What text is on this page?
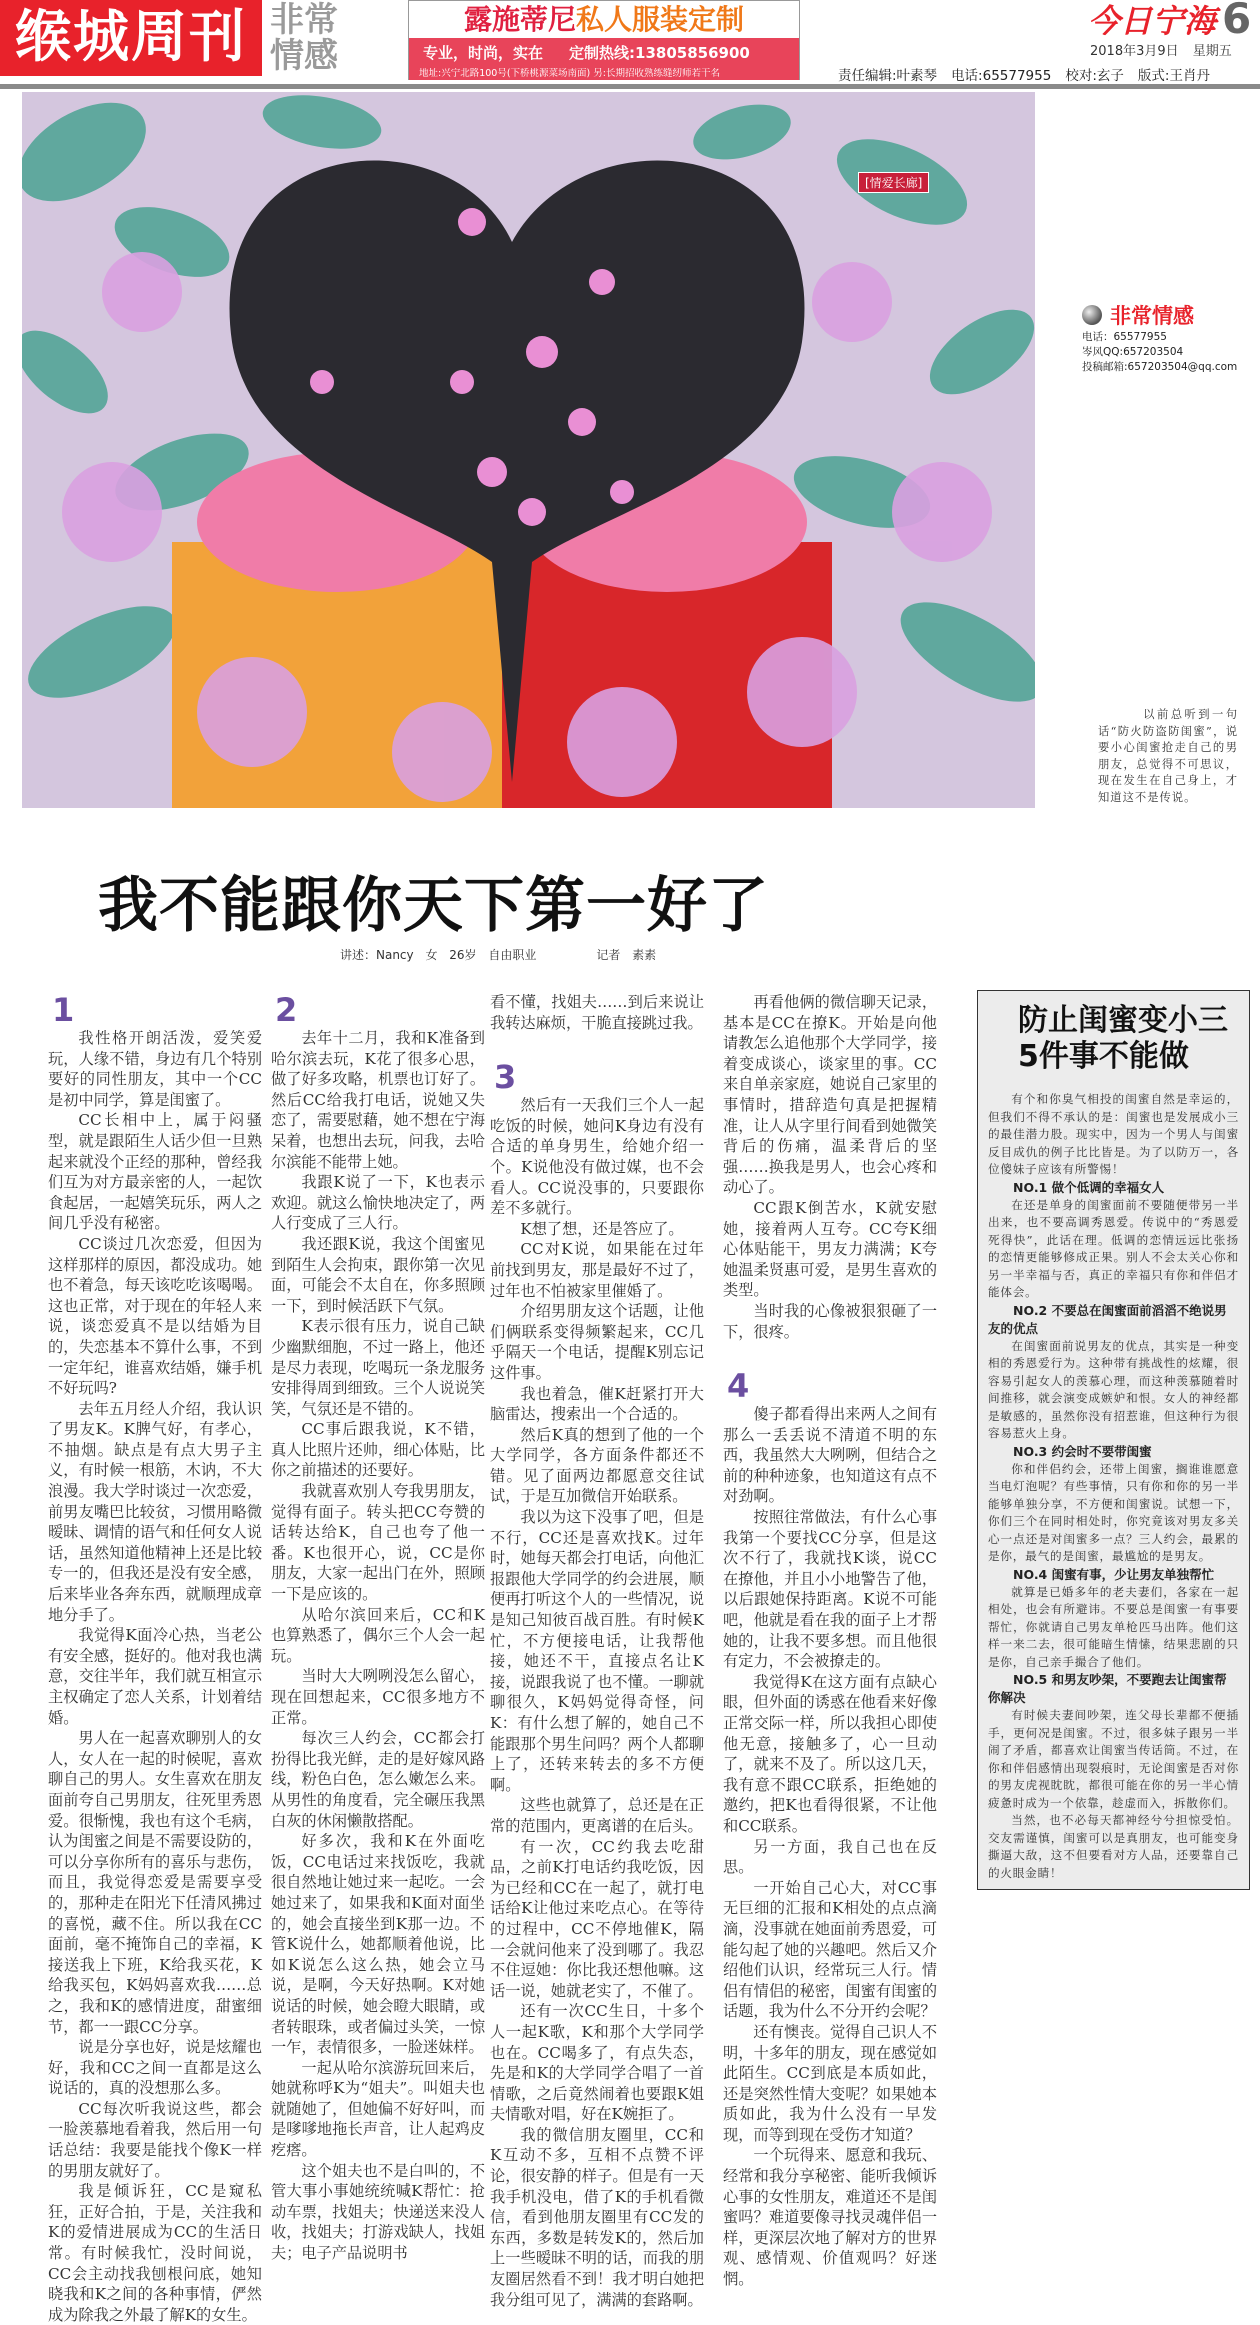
缑城周刊 非常
情感
露施蒂尼私人服装定制
专业，时尚，实在 定制热线:13805856900
地址:兴宁北路100号(下桥桃源菜场南面) 另:长期招收熟练缝纫师若干名
今日宁海 6
2018年3月9日 星期五
责任编辑:叶素琴 电话:65577955 校对:玄子 版式:王肖丹
[情爱长廊]
非常情感
电话：65577955
岑风QQ:657203504
投稿邮箱:657203504@qq.com
以前总听到一句话“防火防盗防闺蜜”，说要小心闺蜜抢走自己的男朋友，总觉得不可思议，现在发生在自己身上，才知道这不是传说。
我不能跟你天下第一好了
讲述：Nancy 女 26岁 自由职业	记者 素素
1

我性格开朗活泼，爱笑爱玩，人缘不错，身边有几个特别要好的同性朋友，其中一个CC是初中同学，算是闺蜜了。

CC长相中上，属于闷骚型，就是跟陌生人话少但一旦熟起来就没个正经的那种，曾经我们互为对方最亲密的人，一起饮食起居，一起嬉笑玩乐，两人之间几乎没有秘密。

CC谈过几次恋爱，但因为这样那样的原因，都没成功。她也不着急，每天该吃吃该喝喝。这也正常，对于现在的年轻人来说，谈恋爱真不是以结婚为目的，失恋基本不算什么事，不到一定年纪，谁喜欢结婚，嫌手机不好玩吗?

去年五月经人介绍，我认识了男友K。K脾气好，有孝心，不抽烟。缺点是有点大男子主义，有时候一根筋，木讷，不大浪漫。我大学时谈过一次恋爱，前男友嘴巴比较贫，习惯用略微暧昧、调情的语气和任何女人说话，虽然知道他精神上还是比较专一的，但我还是没有安全感，后来毕业各奔东西，就顺理成章地分手了。

我觉得K面冷心热，当老公有安全感，挺好的。他对我也满意，交往半年，我们就互相宣示主权确定了恋人关系，计划着结婚。

男人在一起喜欢聊别人的女人，女人在一起的时候呢，喜欢聊自己的男人。女生喜欢在朋友面前夸自己男朋友，往死里秀恩爱。很惭愧，我也有这个毛病，认为闺蜜之间是不需要设防的，可以分享你所有的喜乐与悲伤，而且，我觉得恋爱是需要享受的，那种走在阳光下任清风拂过的喜悦，藏不住。所以我在CC面前，毫不掩饰自己的幸福，K接送我上下班，K给我买花，K给我买包，K妈妈喜欢我……总之，我和K的感情进度，甜蜜细节，都一一跟CC分享。

说是分享也好，说是炫耀也好，我和CC之间一直都是这么说话的，真的没想那么多。

CC每次听我说这些，都会一脸羡慕地看着我，然后用一句话总结：我要是能找个像K一样的男朋友就好了。

我是倾诉狂，CC是窥私狂，正好合拍，于是，关注我和K的爱情进展成为CC的生活日常。有时候我忙，没时间说，CC会主动找我刨根问底，她知晓我和K之间的各种事情，俨然成为除我之外最了解K的女生。

2

去年十二月，我和K准备到哈尔滨去玩，K花了很多心思，做了好多攻略，机票也订好了。然后CC给我打电话，说她又失恋了，需要慰藉，她不想在宁海呆着，也想出去玩，问我，去哈尔滨能不能带上她。

我跟K说了一下，K也表示欢迎。就这么愉快地决定了，两人行变成了三人行。

我还跟K说，我这个闺蜜见到陌生人会拘束，跟你第一次见面，可能会不太自在，你多照顾一下，到时候活跃下气氛。

K表示很有压力，说自己缺少幽默细胞，不过一路上，他还是尽力表现，吃喝玩一条龙服务安排得周到细致。三个人说说笑笑，气氛还是不错的。

CC事后跟我说，K不错，真人比照片还帅，细心体贴，比你之前描述的还要好。

我就喜欢别人夸我男朋友，觉得有面子。转头把CC夸赞的话转达给K，自己也夸了他一番。K也很开心，说，CC是你朋友，大家一起出门在外，照顾一下是应该的。

从哈尔滨回来后，CC和K也算熟悉了，偶尔三个人会一起玩。

当时大大咧咧没怎么留心，现在回想起来，CC很多地方不正常。

每次三人约会，CC都会打扮得比我光鲜，走的是好嫁风路线，粉色白色，怎么嫩怎么来。从男性的角度看，完全碾压我黑白灰的休闲懒散搭配。

好多次，我和K在外面吃饭，CC电话过来找饭吃，我就很自然地让她过来一起吃。一会她过来了，如果我和K面对面坐的，她会直接坐到K那一边。不管K说什么，她都顺着他说，比如K说怎么这么热，她会立马说，是啊，今天好热啊。K对她说话的时候，她会瞪大眼睛，或者转眼珠，或者偏过头笑，一惊一乍，表情很多，一脸迷妹样。

一起从哈尔滨游玩回来后，她就称呼K为“姐夫”。叫姐夫也就随她了，但她偏不好好叫，而是嗲嗲地拖长声音，让人起鸡皮疙瘩。

这个姐夫也不是白叫的，不管大事小事她统统喊K帮忙：抢动车票，找姐夫；快递送来没人收，找姐夫；打游戏缺人，找姐夫；电子产品说明书

看不懂，找姐夫……到后来说让我转达麻烦，干脆直接跳过我。

3

然后有一天我们三个人一起吃饭的时候，她问K身边有没有合适的单身男生，给她介绍一个。K说他没有做过媒，也不会看人。CC说没事的，只要跟你差不多就行。

K想了想，还是答应了。

CC对K说，如果能在过年前找到男友，那是最好不过了，过年也不怕被家里催婚了。

介绍男朋友这个话题，让他们俩联系变得频繁起来，CC几乎隔天一个电话，提醒K别忘记这件事。

我也着急，催K赶紧打开大脑雷达，搜索出一个合适的。

然后K真的想到了他的一个大学同学，各方面条件都还不错。见了面两边都愿意交往试试，于是互加微信开始联系。

我以为这下没事了吧，但是不行，CC还是喜欢找K。过年时，她每天都会打电话，向他汇报跟他大学同学的约会进展，顺便再打听这个人的一些情况，说是知己知彼百战百胜。有时候K忙，不方便接电话，让我帮他接，她还不干，直接点名让K接，说跟我说了也不懂。一聊就聊很久，K妈妈觉得奇怪，问K：有什么想了解的，她自己不能跟那个男生问吗？两个人都聊上了，还转来转去的多不方便啊。

这些也就算了，总还是在正常的范围内，更离谱的在后头。

有一次，CC约我去吃甜品，之前K打电话约我吃饭，因为已经和CC在一起了，就打电话给K让他过来吃点心。在等待的过程中，CC不停地催K，隔一会就问他来了没到哪了。我忍不住逗她：你比我还想他嘛。这话一说，她就老实了，不催了。

还有一次CC生日，十多个人一起K歌，K和那个大学同学也在。CC喝多了，有点失态，先是和K的大学同学合唱了一首情歌，之后竟然闹着也要跟K姐夫情歌对唱，好在K婉拒了。

我的微信朋友圈里，CC和K互动不多，互相不点赞不评论，很安静的样子。但是有一天我手机没电，借了K的手机看微信，看到他朋友圈里有CC发的东西，多数是转发K的，然后加上一些暧昧不明的话，而我的朋友圈居然看不到！我才明白她把我分组可见了，满满的套路啊。

再看他俩的微信聊天记录，基本是CC在撩K。开始是向他请教怎么追他那个大学同学，接着变成谈心，谈家里的事。CC来自单亲家庭，她说自己家里的事情时，措辞造句真是把握精准，让人从字里行间看到她微笑背后的伤痛，温柔背后的坚强……换我是男人，也会心疼和动心了。

CC跟K倒苦水，K就安慰她，接着两人互夸。CC夸K细心体贴能干，男友力满满；K夸她温柔贤惠可爱，是男生喜欢的类型。

当时我的心像被狠狠砸了一下，很疼。

4

傻子都看得出来两人之间有那么一丢丢说不清道不明的东西，我虽然大大咧咧，但结合之前的种种迹象，也知道这有点不对劲啊。

按照往常做法，有什么心事我第一个要找CC分享，但是这次不行了，我就找K谈，说CC在撩他，并且小小地警告了他，以后跟她保持距离。K说不可能吧，他就是看在我的面子上才帮她的，让我不要多想。而且他很有定力，不会被撩走的。

我觉得K在这方面有点缺心眼，但外面的诱惑在他看来好像正常交际一样，所以我担心即使他无意，接触多了，心一旦动了，就来不及了。所以这几天，我有意不跟CC联系，拒绝她的邀约，把K也看得很紧，不让他和CC联系。

另一方面，我自己也在反思。

一开始自己心大，对CC事无巨细的汇报和K相处的点点滴滴，没事就在她面前秀恩爱，可能勾起了她的兴趣吧。然后又介绍他们认识，经常玩三人行。情侣有情侣的秘密，闺蜜有闺蜜的话题，我为什么不分开约会呢？

还有懊丧。觉得自己识人不明，十多年的朋友，现在感觉如此陌生。CC到底是本质如此，还是突然性情大变呢？如果她本质如此，我为什么没有一早发现，而等到现在受伤才知道？

一个玩得来、愿意和我玩、经常和我分享秘密、能听我倾诉心事的女性朋友，难道还不是闺蜜吗？难道要像寻找灵魂伴侣一样，更深层次地了解对方的世界观、感情观、价值观吗？好迷惘。

防止闺蜜变小三
5件事不能做

有个和你臭气相投的闺蜜自然是幸运的，但我们不得不承认的是：闺蜜也是发展成小三的最佳潜力股。现实中，因为一个男人与闺蜜反目成仇的例子比比皆是。为了以防万一，各位傻妹子应该有所警惕！

NO.1 做个低调的幸福女人

在还是单身的闺蜜面前不要随便带另一半出来，也不要高调秀恩爱。传说中的“秀恩爱死得快”，此话在理。低调的恋情远远比张扬的恋情更能够修成正果。别人不会太关心你和另一半幸福与否，真正的幸福只有你和伴侣才能体会。

NO.2 不要总在闺蜜面前滔滔不绝说男友的优点

在闺蜜面前说男友的优点，其实是一种变相的秀恩爱行为。这种带有挑战性的炫耀，很容易引起女人的羡慕心理，而这种羡慕随着时间推移，就会演变成嫉妒和恨。女人的神经都是敏感的，虽然你没有招惹谁，但这种行为很容易惹火上身。

NO.3 约会时不要带闺蜜

你和伴侣约会，还带上闺蜜，搁谁谁愿意当电灯泡呢？有些事情，只有你和你的另一半能够单独分享，不方便和闺蜜说。试想一下，你们三个在同时相处时，你究竟该对男友多关心一点还是对闺蜜多一点？三人约会，最累的是你，最气的是闺蜜，最尴尬的是男友。

NO.4 闺蜜有事，少让男友单独帮忙

就算是已婚多年的老夫妻们，各家在一起相处，也会有所避讳。不要总是闺蜜一有事要帮忙，你就请自己男友单枪匹马出阵。他们这样一来二去，很可能暗生情愫，结果悲剧的只是你，自己亲手撮合了他们。

NO.5 和男友吵架，不要跑去让闺蜜帮你解决

有时候夫妻间吵架，连父母长辈都不便插手，更何况是闺蜜。不过，很多妹子跟另一半闹了矛盾，都喜欢让闺蜜当传话筒。不过，在你和伴侣感情出现裂痕时，无论闺蜜是否对你的男友虎视眈眈，都很可能在你的另一半心情疲惫时成为一个依靠，趁虚而入，拆散你们。

当然，也不必每天都神经兮兮担惊受怕。交友需谨慎，闺蜜可以是真朋友，也可能变身撕逼大敌，这不但要看对方人品，还要靠自己的火眼金睛！
